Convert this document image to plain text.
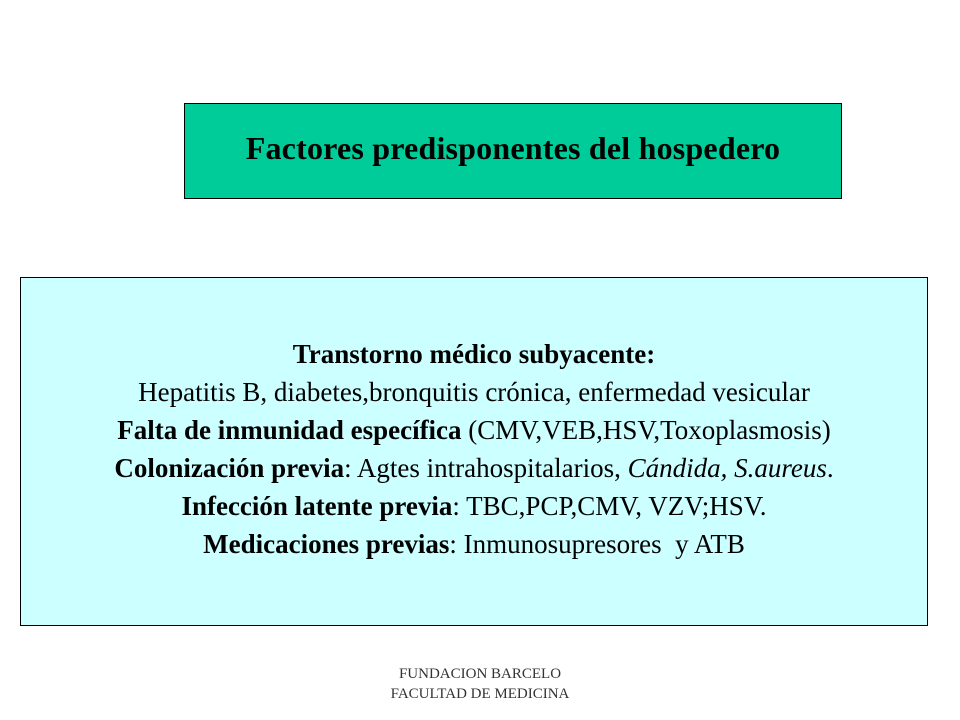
Factores predisponentes del hospedero
Transtorno médico subyacente:
Hepatitis B, diabetes,bronquitis crónica, enfermedad vesicular
Falta de inmunidad específica (CMV,VEB,HSV,Toxoplasmosis)
Colonización previa: Agtes intrahospitalarios, Cándida, S.aureus.
Infección latente previa: TBC,PCP,CMV, VZV;HSV.
Medicaciones previas: Inmunosupresores  y ATB
FUNDACION BARCELO
FACULTAD DE MEDICINA
